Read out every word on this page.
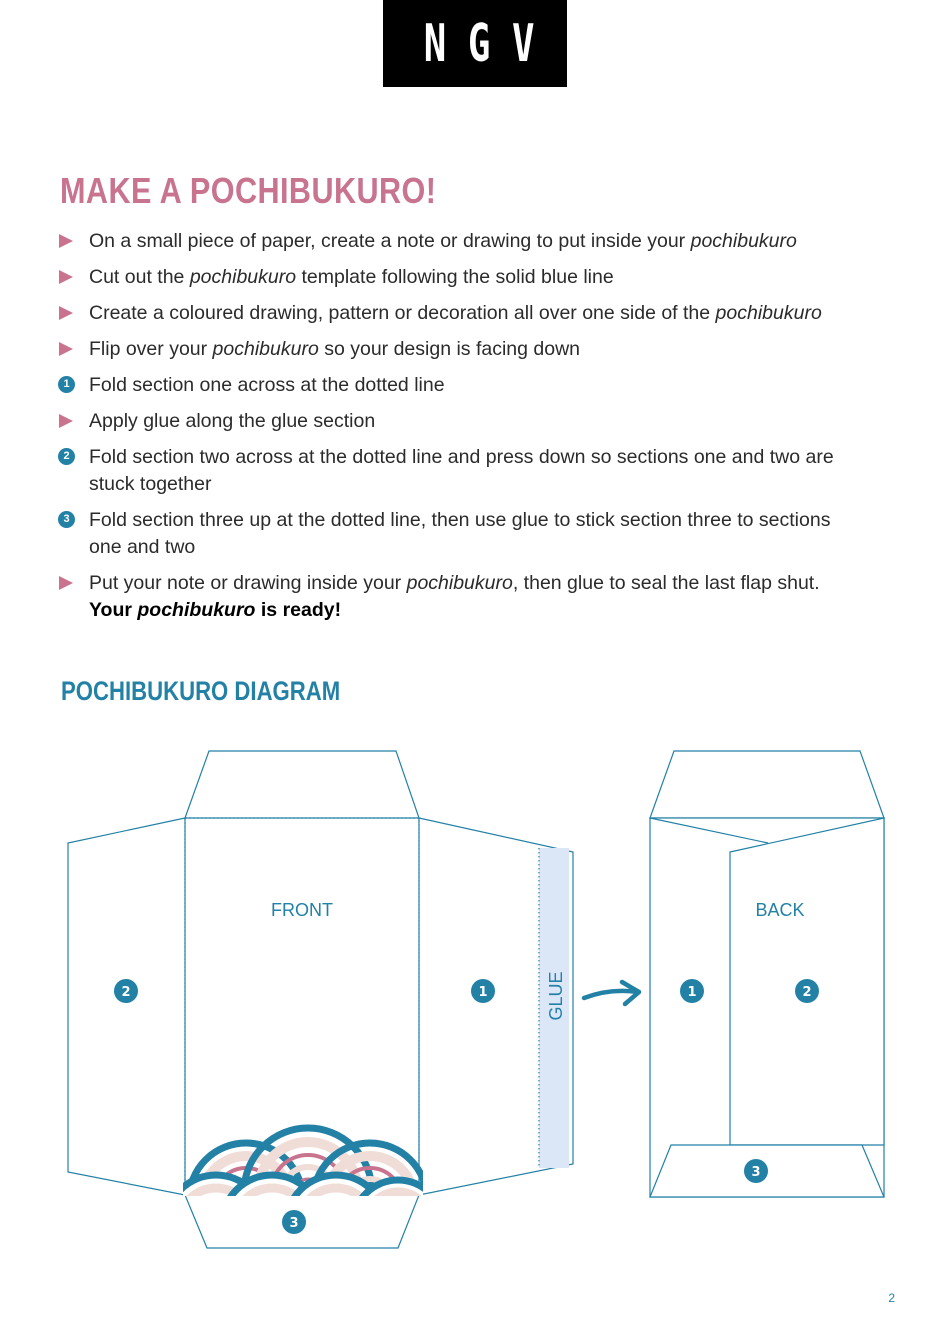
NGV
MAKE A POCHIBUKURO!
On a small piece of paper, create a note or drawing to put inside your pochibukuro
Cut out the pochibukuro template following the solid blue line
Create a coloured drawing, pattern or decoration all over one side of the pochibukuro
Flip over your pochibukuro so your design is facing down
1 Fold section one across at the dotted line
Apply glue along the glue section
2 Fold section two across at the dotted line and press down so sections one and two are stuck together
3 Fold section three up at the dotted line, then use glue to stick section three to sections one and two
Put your note or drawing inside your pochibukuro, then glue to seal the last flap shut.
Your pochibukuro is ready!
POCHIBUKURO DIAGRAM
FRONT
GLUE
2	1
3
BACK
1	2
3
2
